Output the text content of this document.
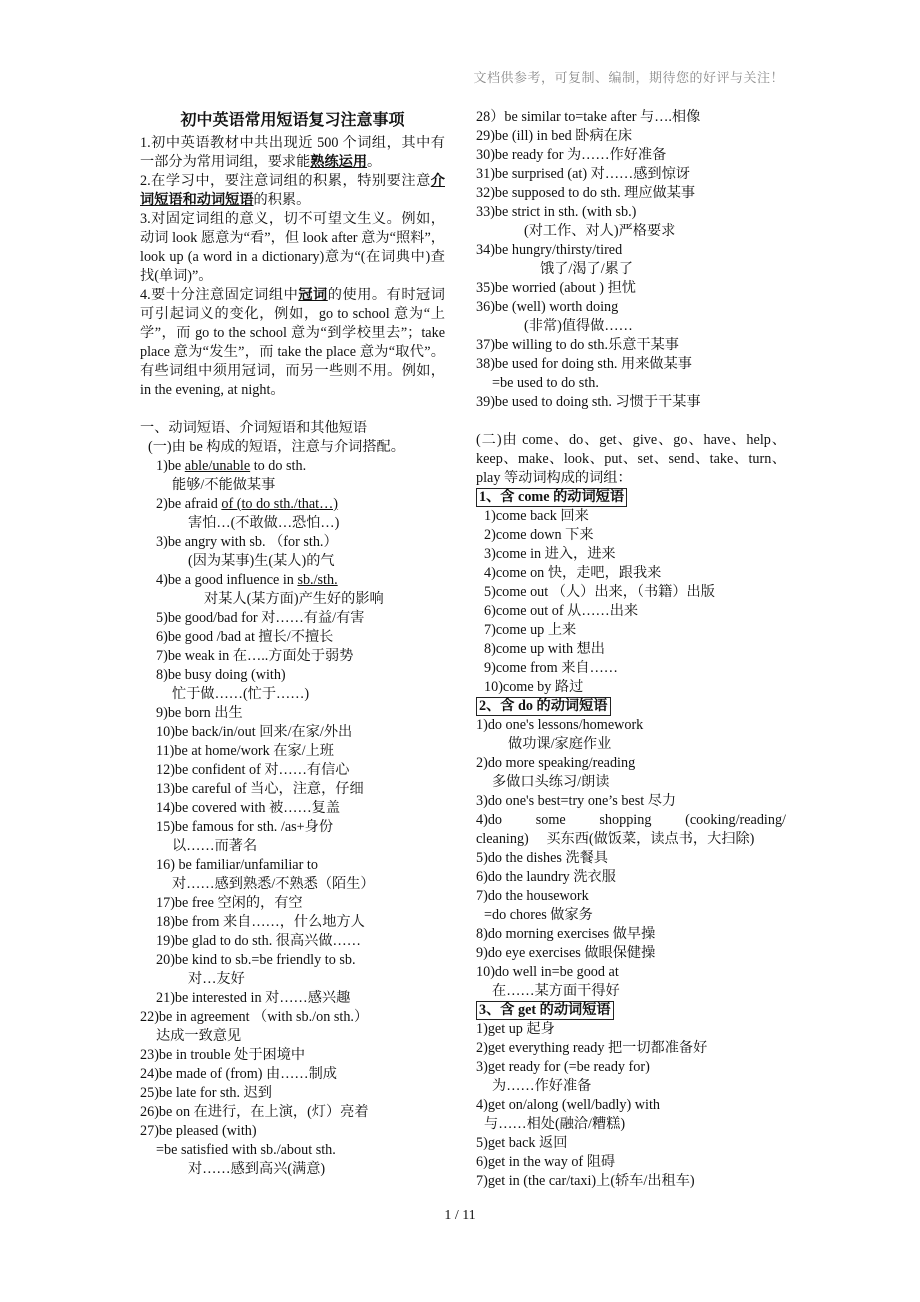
文档供参考，可复制、编制，期待您的好评与关注！
初中英语常用短语复习注意事项

1.初中英语教材中共出现近 500 个词组，其中有一部分为常用词组，要求能熟练运用。

2.在学习中，要注意词组的积累，特别要注意介词短语和动词短语的积累。

3.对固定词组的意义，切不可望文生义。例如，动词 look 愿意为“看”，但 look after 意为“照料”，look up (a word in a dictionary)意为“(在词典中)查找(单词)”。

4.要十分注意固定词组中冠词的使用。有时冠词可引起词义的变化，例如，go to school 意为“上学”，而 go to the school 意为“到学校里去”；take place 意为“发生”，而 take the place 意为“取代”。有些词组中须用冠词，而另一些则不用。例如，in the evening, at night。

一、动词短语、介词短语和其他短语

(一)由 be 构成的短语，注意与介词搭配。

1)be able/unable to do sth.

能够/不能做某事

2)be afraid of (to do sth./that…)

害怕…(不敢做…恐怕…)

3)be angry with sb. （for sth.）

(因为某事)生(某人)的气

4)be a good influence in sb./sth.

对某人(某方面)产生好的影响

5)be good/bad for 对……有益/有害

6)be good /bad at 擅长/不擅长

7)be weak in 在…..方面处于弱势

8)be busy doing (with)

忙于做……(忙于……)

9)be born 出生

10)be back/in/out 回来/在家/外出

11)be at home/work 在家/上班

12)be confident of 对……有信心

13)be careful of 当心，注意，仔细

14)be covered with 被……复盖

15)be famous for sth. /as+身份

以……而著名

16) be familiar/unfamiliar to

对……感到熟悉/不熟悉（陌生）

17)be free 空闲的，有空

18)be from 来自……，什么地方人

19)be glad to do sth. 很高兴做……

20)be kind to sb.=be friendly to sb.

对…友好

21)be interested in 对……感兴趣

22)be in agreement （with sb./on sth.）

达成一致意见

23)be in trouble 处于困境中

24)be made of (from) 由……制成

25)be late for sth. 迟到

26)be on 在进行，在上演，(灯）亮着

27)be pleased (with)

=be satisfied with sb./about sth.

对……感到高兴(满意)

28）be similar to=take after 与….相像

29)be (ill) in bed 卧病在床

30)be ready for 为……作好准备

31)be surprised (at) 对……感到惊讶

32)be supposed to do sth. 理应做某事

33)be strict in sth. (with sb.)

(对工作、对人)严格要求

34)be hungry/thirsty/tired

饿了/渴了/累了

35)be worried (about ) 担忧

36)be (well) worth doing

(非常)值得做……

37)be willing to do sth.乐意干某事

38)be used for doing sth. 用来做某事

=be used to do sth.

39)be used to doing sth. 习惯于干某事

(二)由 come、do、get、give、go、have、help、keep、make、look、put、set、send、take、turn、play 等动词构成的词组：

1、含 come 的动词短语

1)come back 回来

2)come down 下来

3)come in 进入，进来

4)come on 快，走吧，跟我来

5)come out （人）出来，（书籍）出版

6)come out of 从……出来

7)come up 上来

8)come up with 想出

9)come from 来自……

10)come by 路过

2、含 do 的动词短语

1)do one's lessons/homework

做功课/家庭作业

2)do more speaking/reading

多做口头练习/朗读

3)do one's best=try one’s best 尽力

4)do some shopping (cooking/reading/ cleaning) 买东西(做饭菜，读点书，大扫除)

5)do the dishes 洗餐具

6)do the laundry 洗衣服

7)do the housework

=do chores 做家务

8)do morning exercises 做早操

9)do eye exercises 做眼保健操

10)do well in=be good at

在……某方面干得好

3、含 get 的动词短语

1)get up 起身

2)get everything ready 把一切都准备好

3)get ready for (=be ready for)

为……作好准备

4)get on/along (well/badly) with

与……相处(融洽/糟糕)

5)get back 返回

6)get in the way of 阻碍

7)get in (the car/taxi)上(轿车/出租车)

1 / 11
